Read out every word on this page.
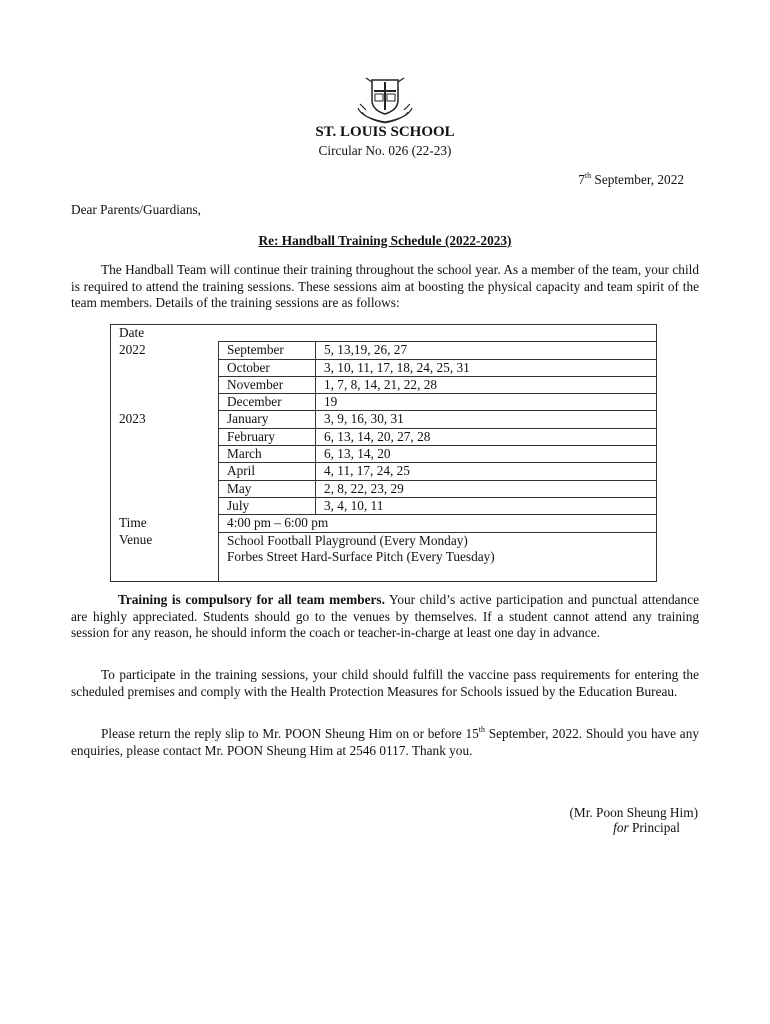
ST. LOUIS SCHOOL
Circular No. 026 (22-23)
7th September, 2022
Dear Parents/Guardians,
Re: Handball Training Schedule (2022-2023)
The Handball Team will continue their training throughout the school year. As a member of the team, your child is required to attend the training sessions. These sessions aim at boosting the physical capacity and team spirit of the team members. Details of the training sessions are as follows:
Date		
2022	September	5, 13,19, 26, 27
	October	3, 10, 11, 17, 18, 24, 25, 31
	November	1, 7, 8, 14, 21, 22, 28
	December	19
2023	January	3, 9, 16, 30, 31
	February	6, 13, 14, 20, 27, 28
	March	6, 13, 14, 20
	April	4, 11, 17, 24, 25
	May	2, 8, 22, 23, 29
	July	3, 4, 10, 11
Time	4:00 pm – 6:00 pm	
Venue	School Football Playground (Every Monday)	
	Forbes Street Hard-Surface Pitch (Every Tuesday)	

Training is compulsory for all team members. Your child’s active participation and punctual attendance are highly appreciated. Students should go to the venues by themselves. If a student cannot attend any training session for any reason, he should inform the coach or teacher-in-charge at least one day in advance.
To participate in the training sessions, your child should fulfill the vaccine pass requirements for entering the scheduled premises and comply with the Health Protection Measures for Schools issued by the Education Bureau.
Please return the reply slip to Mr. POON Sheung Him on or before 15th September, 2022. Should you have any enquiries, please contact Mr. POON Sheung Him at 2546 0117. Thank you.
(Mr. Poon Sheung Him)
for Principal
